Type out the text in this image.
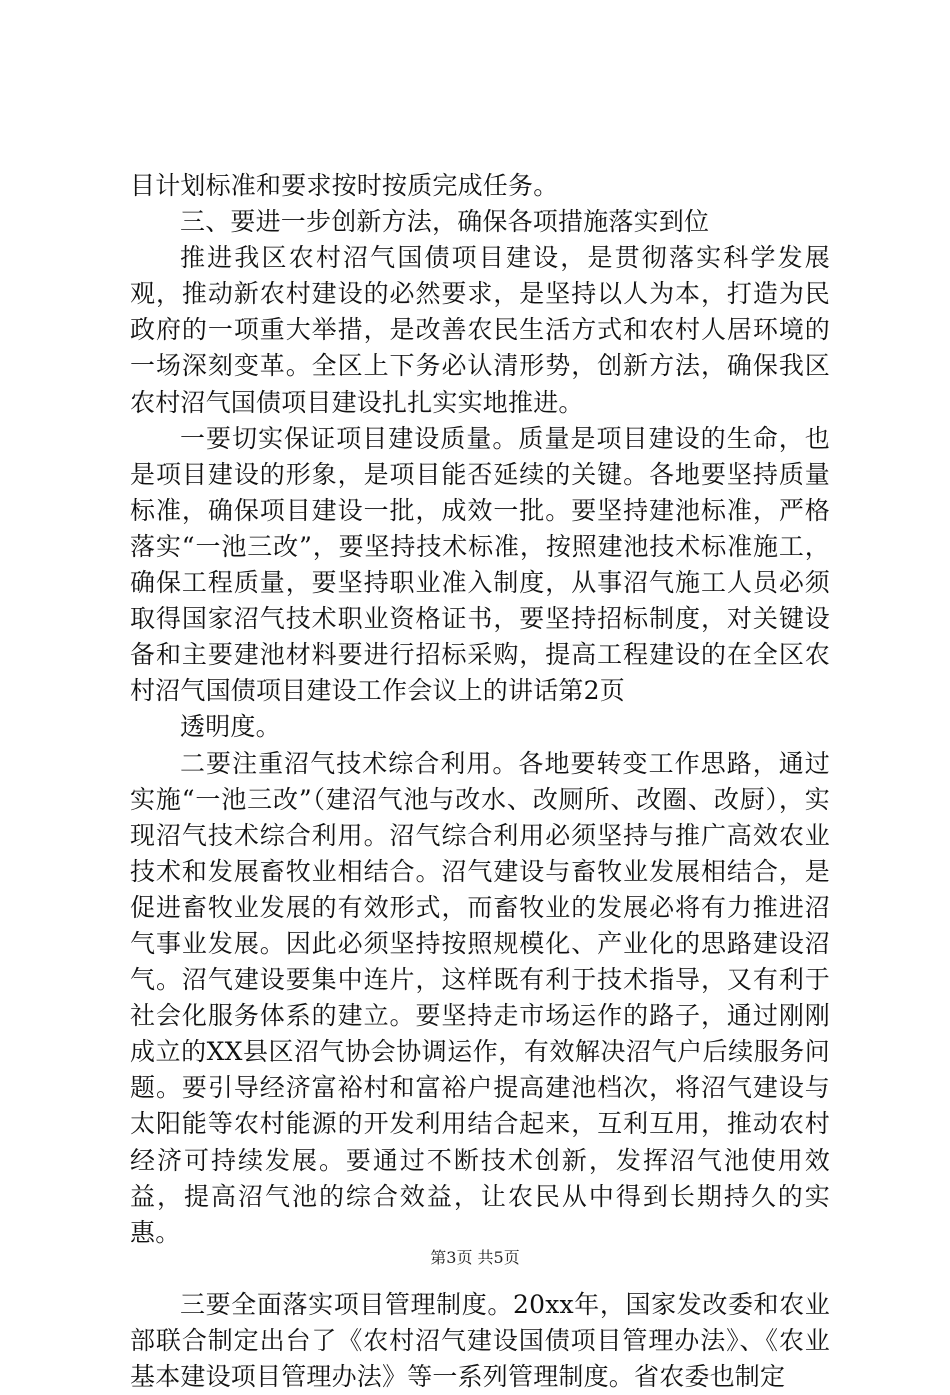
目计划标准和要求按时按质完成任务。

三、要进一步创新方法，确保各项措施落实到位

推进我区农村沼气国债项目建设，是贯彻落实科学发展观，推动新农村建设的必然要求，是坚持以人为本，打造为民政府的一项重大举措，是改善农民生活方式和农村人居环境的一场深刻变革。全区上下务必认清形势，创新方法，确保我区农村沼气国债项目建设扎扎实实地推进。

一要切实保证项目建设质量。质量是项目建设的生命，也是项目建设的形象，是项目能否延续的关键。各地要坚持质量标准，确保项目建设一批，成效一批。要坚持建池标准，严格落实“一池三改”，要坚持技术标准，按照建池技术标准施工，确保工程质量，要坚持职业准入制度，从事沼气施工人员必须取得国家沼气技术职业资格证书，要坚持招标制度，对关键设备和主要建池材料要进行招标采购，提高工程建设的在全区农村沼气国债项目建设工作会议上的讲话第2页

透明度。

二要注重沼气技术综合利用。各地要转变工作思路，通过实施“一池三改”（建沼气池与改水、改厕所、改圈、改厨），实现沼气技术综合利用。沼气综合利用必须坚持与推广高效农业技术和发展畜牧业相结合。沼气建设与畜牧业发展相结合，是促进畜牧业发展的有效形式，而畜牧业的发展必将有力推进沼气事业发展。因此必须坚持按照规模化、产业化的思路建设沼气。沼气建设要集中连片，这样既有利于技术指导，又有利于社会化服务体系的建立。要坚持走市场运作的路子，通过刚刚成立的XX县区沼气协会协调运作，有效解决沼气户后续服务问题。要引导经济富裕村和富裕户提高建池档次，将沼气建设与太阳能等农村能源的开发利用结合起来，互利互用，推动农村经济可持续发展。要通过不断技术创新，发挥沼气池使用效益，提高沼气池的综合效益，让农民从中得到长期持久的实惠。

三要全面落实项目管理制度。20xx年，国家发改委和农业部联合制定出台了《农村沼气建设国债项目管理办法》、《农业基本建设项目管理办法》等一系列管理制度。省农委也制定

第3页 共5页
